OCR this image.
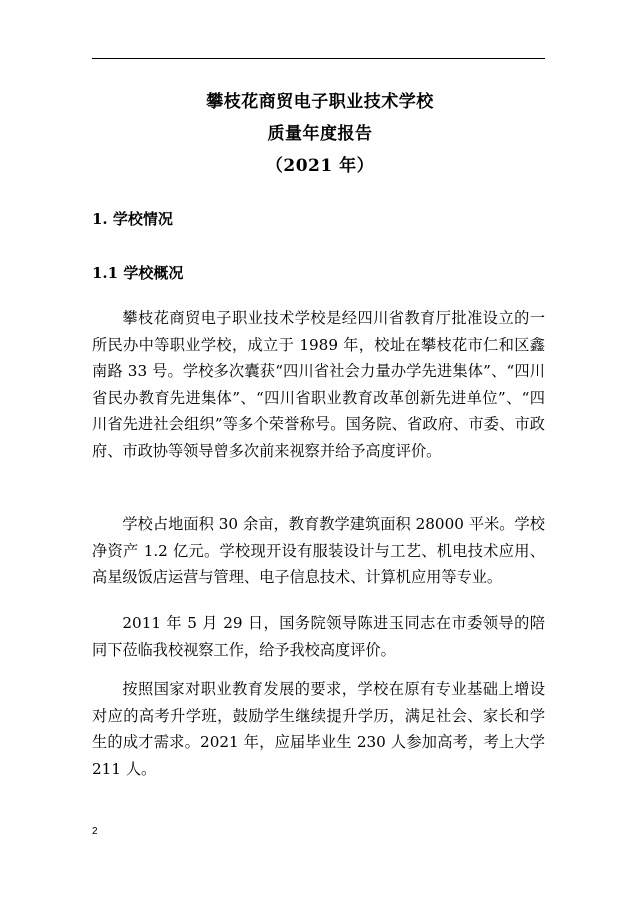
攀枝花商贸电子职业技术学校
质量年度报告
（2021 年）
1. 学校情况
1.1 学校概况

攀枝花商贸电子职业技术学校是经四川省教育厅批准设立的一所民办中等职业学校，成立于 1989 年，校址在攀枝花市仁和区鑫南路 33 号。学校多次囊获“四川省社会力量办学先进集体”、“四川省民办教育先进集体”、“四川省职业教育改革创新先进单位”、“四川省先进社会组织”等多个荣誉称号。国务院、省政府、市委、市政府、市政协等领导曾多次前来视察并给予高度评价。

学校占地面积 30 余亩，教育教学建筑面积 28000 平米。学校净资产 1.2 亿元。学校现开设有服装设计与工艺、机电技术应用、高星级饭店运营与管理、电子信息技术、计算机应用等专业。

2011 年 5 月 29 日，国务院领导陈进玉同志在市委领导的陪同下莅临我校视察工作，给予我校高度评价。

按照国家对职业教育发展的要求，学校在原有专业基础上增设对应的高考升学班，鼓励学生继续提升学历，满足社会、家长和学生的成才需求。2021 年，应届毕业生 230 人参加高考，考上大学 211 人。

2
